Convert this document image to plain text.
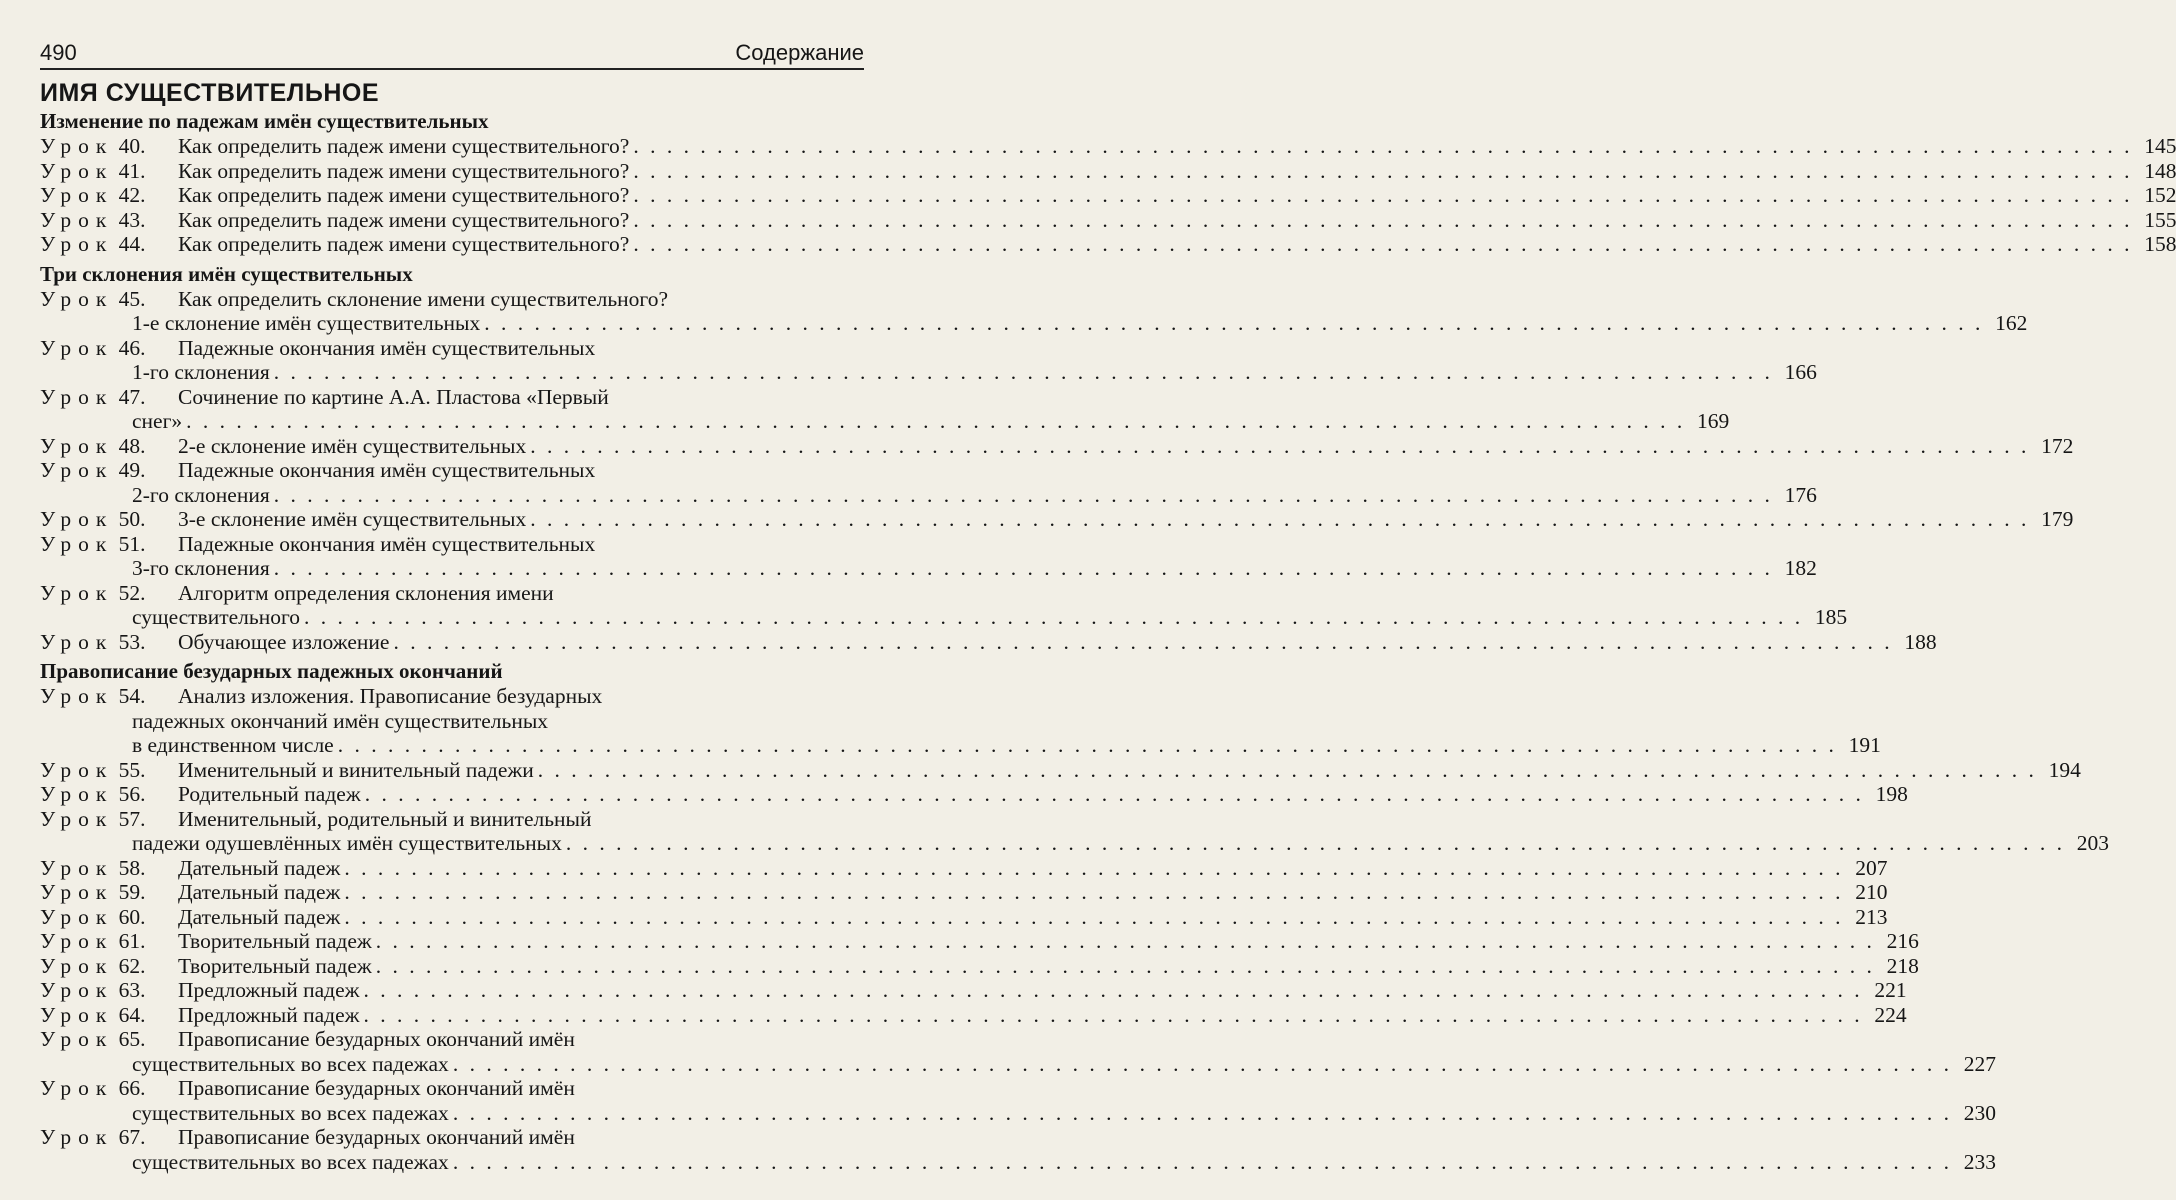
490	Содержание
ИМЯ СУЩЕСТВИТЕЛЬНОЕ
Изменение по падежам имён существительных
Урок 40.	Как определить падеж имени существительного? . . .	145
Урок 41.	Как определить падеж имени существительного? . . .	148
Урок 42.	Как определить падеж имени существительного? . . .	152
Урок 43.	Как определить падеж имени существительного? . . .	155
Урок 44.	Как определить падеж имени существительного? . . .	158
Три склонения имён существительных
Урок 45.	Как определить склонение имени существительного?
1-е склонение имён существительных . . .	162
Урок 46.	Падежные окончания имён существительных
1-го склонения . . .	166
Урок 47.	Сочинение по картине А.А. Пластова «Первый
снег» . . .	169
Урок 48.	2-е склонение имён существительных . . .	172
Урок 49.	Падежные окончания имён существительных
2-го склонения . . .	176
Урок 50.	3-е склонение имён существительных . . .	179
Урок 51.	Падежные окончания имён существительных
3-го склонения . . .	182
Урок 52.	Алгоритм определения склонения имени
существительного . . .	185
Урок 53.	Обучающее изложение . . .	188
Правописание безударных падежных окончаний
Урок 54.	Анализ изложения. Правописание безударных
падежных окончаний имён существительных
в единственном числе . . .	191
Урок 55.	Именительный и винительный падежи . . .	194
Урок 56.	Родительный падеж . . .	198
Урок 57.	Именительный, родительный и винительный
падежи одушевлённых имён существительных . . .	203
Урок 58.	Дательный падеж . . .	207
Урок 59.	Дательный падеж . . .	210
Урок 60.	Дательный падеж . . .	213
Урок 61.	Творительный падеж . . .	216
Урок 62.	Творительный падеж . . .	218
Урок 63.	Предложный падеж . . .	221
Урок 64.	Предложный падеж . . .	224
Урок 65.	Правописание безударных окончаний имён
существительных во всех падежах . . .	227
Урок 66.	Правописание безударных окончаний имён
существительных во всех падежах . . .	230
Урок 67.	Правописание безударных окончаний имён
существительных во всех падежах . . .	233
